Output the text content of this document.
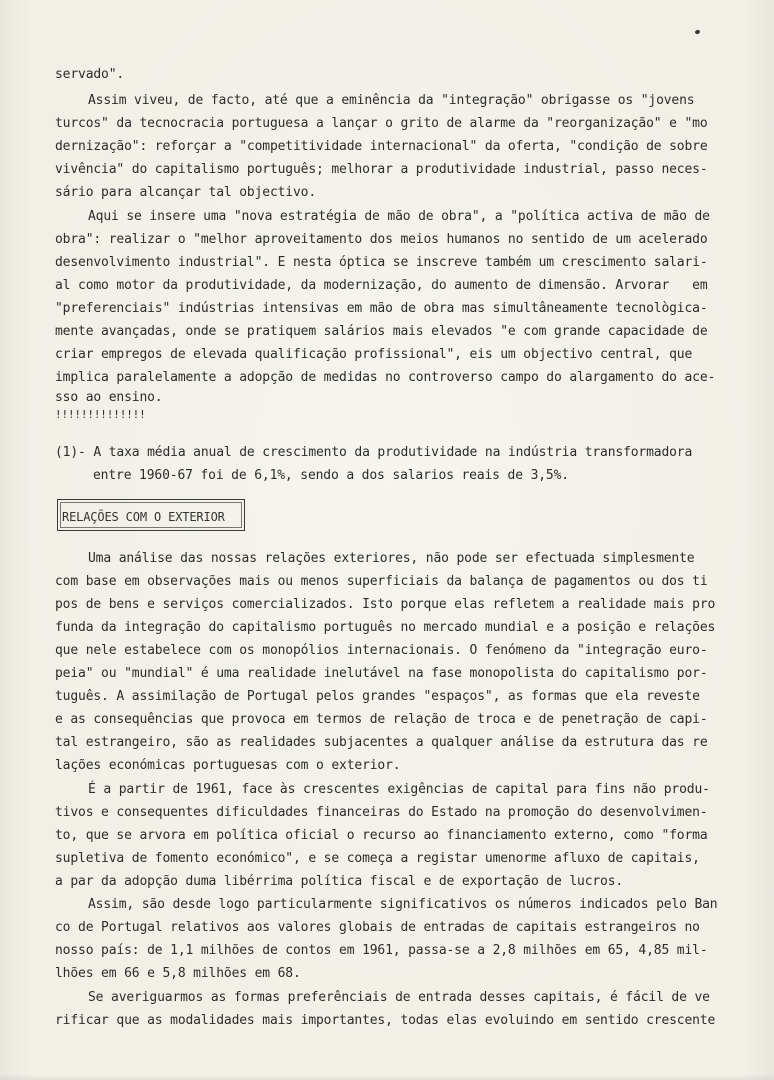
servado".
Assim viveu, de facto, até que a eminência da "integração" obrigasse os "jovens
turcos" da tecnocracia portuguesa a lançar o grito de alarme da "reorganização" e "mo
dernização": reforçar a "competitividade internacional" da oferta, "condição de sobre
vivência" do capitalismo português; melhorar a produtividade industrial, passo neces-
sário para alcançar tal objectivo.
Aqui se insere uma "nova estratégia de mão de obra", a "política activa de mão de
obra": realizar o "melhor aproveitamento dos meios humanos no sentido de um acelerado
desenvolvimento industrial". E nesta óptica se inscreve também um crescimento salari-
al como motor da produtividade, da modernização, do aumento de dimensão. Arvorar   em
"preferenciais" indústrias intensivas em mão de obra mas simultâneamente tecnològica-
mente avançadas, onde se pratiquem salários mais elevados "e com grande capacidade de
criar empregos de elevada qualificação profissional", eis um objectivo central, que
implica paralelamente a adopção de medidas no controverso campo do alargamento do ace-
sso ao ensino.
!!!!!!!!!!!!!!
(1)- A taxa média anual de crescimento da produtividade na indústria transformadora
entre 1960-67 foi de 6,1%, sendo a dos salarios reais de 3,5%.
RELAÇÕES COM O EXTERIOR
Uma análise das nossas relações exteriores, não pode ser efectuada simplesmente
com base em observações mais ou menos superficiais da balança de pagamentos ou dos ti
pos de bens e serviços comercializados. Isto porque elas refletem a realidade mais pro
funda da integração do capitalismo português no mercado mundial e a posição e relações
que nele estabelece com os monopólios internacionais. O fenómeno da "integração euro-
peia" ou "mundial" é uma realidade inelutável na fase monopolista do capitalismo por-
tuguês. A assimilação de Portugal pelos grandes "espaços", as formas que ela reveste
e as consequências que provoca em termos de relação de troca e de penetração de capi-
tal estrangeiro, são as realidades subjacentes a qualquer análise da estrutura das re
lações económicas portuguesas com o exterior.
É a partir de 1961, face às crescentes exigências de capital para fins não produ-
tivos e consequentes dificuldades financeiras do Estado na promoção do desenvolvimen-
to, que se arvora em política oficial o recurso ao financiamento externo, como "forma
supletiva de fomento económico", e se começa a registar umenorme afluxo de capitais,
a par da adopção duma libérrima política fiscal e de exportação de lucros.
Assim, são desde logo particularmente significativos os números indicados pelo Ban
co de Portugal relativos aos valores globais de entradas de capitais estrangeiros no
nosso país: de 1,1 milhões de contos em 1961, passa-se a 2,8 milhões em 65, 4,85 mil-
lhões em 66 e 5,8 milhões em 68.
Se averiguarmos as formas preferênciais de entrada desses capitais, é fácil de ve
rificar que as modalidades mais importantes, todas elas evoluindo em sentido crescente
